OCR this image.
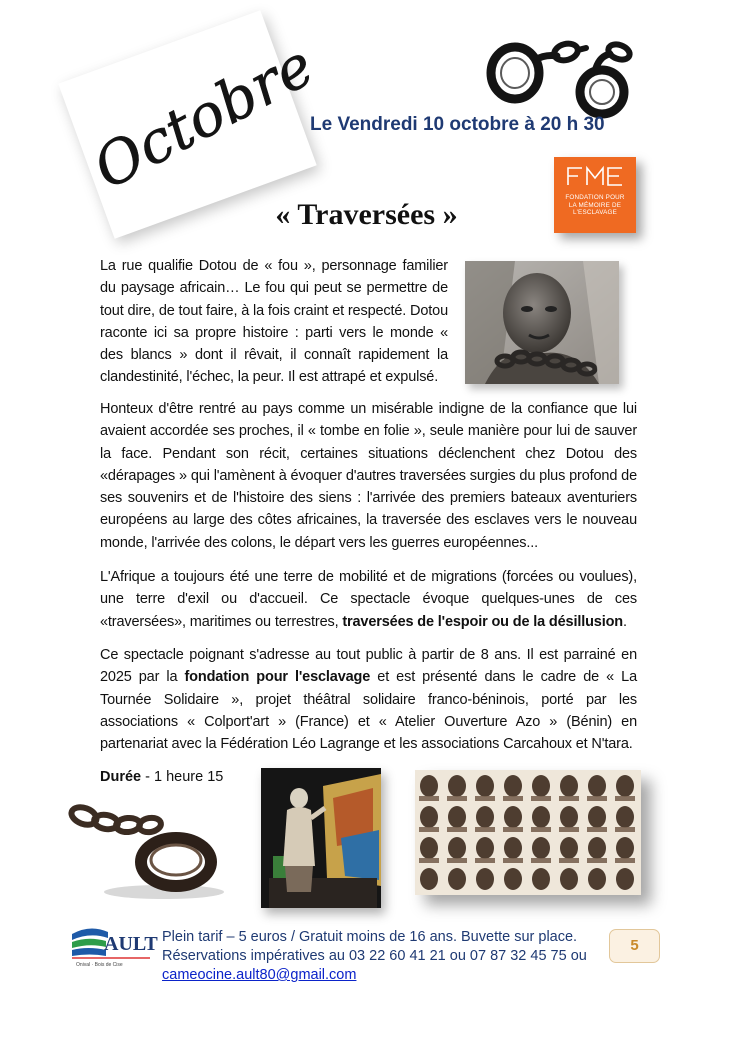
Octobre
Le Vendredi 10 octobre à 20 h 30
FONDATION POUR
LA MÉMOIRE DE
L'ESCLAVAGE
« Traversées »

La rue qualifie Dotou de « fou », personnage familier du paysage africain… Le fou qui peut se permettre de tout dire, de tout faire, à la fois craint et respecté. Dotou raconte ici sa propre histoire : parti vers le monde « des blancs » dont il rêvait, il connaît rapidement la clandestinité, l'échec, la peur. Il est attrapé et expulsé.

Honteux d'être rentré au pays comme un misérable indigne de la confiance que lui avaient accordée ses proches, il « tombe en folie », seule manière pour lui de sauver la face. Pendant son récit, certaines situations déclenchent chez Dotou des «dérapages » qui l'amènent à évoquer d'autres traversées surgies du plus profond de ses souvenirs et de l'histoire des siens : l'arrivée des premiers bateaux aventuriers européens au large des côtes africaines, la traversée des esclaves vers le nouveau monde, l'arrivée des colons, le départ vers les guerres européennes...

L'Afrique a toujours été une terre de mobilité et de migrations (forcées ou voulues), une terre d'exil ou d'accueil. Ce spectacle évoque quelques-unes de ces «traversées», maritimes ou terrestres, traversées de l'espoir ou de la désillusion.

Ce spectacle poignant s'adresse au tout public à partir de 8 ans. Il est parrainé en 2025 par la fondation pour l'esclavage et est présenté dans le cadre de « La Tournée Solidaire », projet théâtral solidaire franco-béninois, porté par les associations « Colport'art » (France) et « Atelier Ouverture Azo » (Bénin) en partenariat avec la Fédération Léo Lagrange et les associations Carcahoux et N'tara.

Durée - 1 heure 15
AULT
Onival · Bois de Cise
Plein tarif – 5 euros / Gratuit moins de 16 ans. Buvette sur place.
Réservations impératives au 03 22 60 41 21 ou 07 87 32 45 75 ou
cameocine.ault80@gmail.com
5
